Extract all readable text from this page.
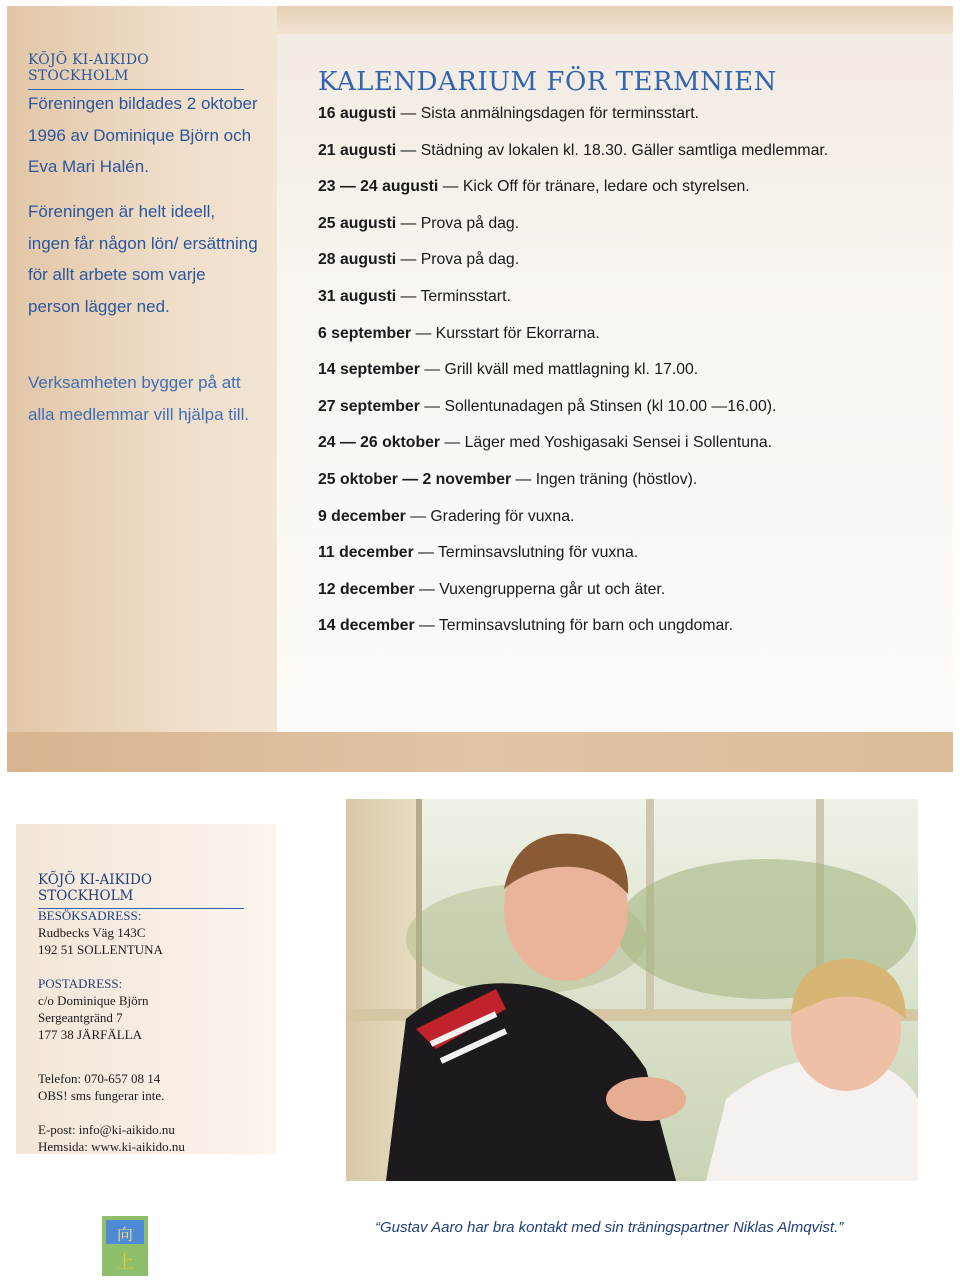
KÕJÕ KI-AIKIDO STOCKHOLM
Föreningen bildades 2 oktober 1996 av Dominique Björn och Eva Mari Halén.
Föreningen är helt ideell, ingen får någon lön/ ersättning för allt arbete som varje person lägger ned.
Verksamheten bygger på att alla medlemmar vill hjälpa till.
KALENDARIUM FÖR TERMNIEN
16 augusti — Sista anmälningsdagen för terminsstart.
21 augusti — Städning av lokalen kl. 18.30. Gäller samtliga medlemmar.
23 — 24 augusti — Kick Off för tränare, ledare och styrelsen.
25 augusti — Prova på dag.
28 augusti — Prova på dag.
31 augusti — Terminsstart.
6 september — Kursstart för Ekorrarna.
14 september — Grill kväll med mattlagning kl. 17.00.
27 september — Sollentunadagen på Stinsen (kl 10.00 —16.00).
24 — 26 oktober — Läger med Yoshigasaki Sensei i Sollentuna.
25 oktober — 2 november — Ingen träning (höstlov).
9 december — Gradering för vuxna.
11 december — Terminsavslutning för vuxna.
12 december — Vuxengrupperna går ut och äter.
14 december — Terminsavslutning för barn och ungdomar.
KÕJÕ KI-AIKIDO STOCKHOLM
BESÖKSADRESS:
Rudbecks Väg 143C
192 51 SOLLENTUNA
POSTADRESS:
c/o Dominique Björn
Sergeantgränd 7
177 38 JÄRFÄLLA
Telefon: 070-657 08 14
OBS! sms fungerar inte.
E-post: info@ki-aikido.nu
Hemsida: www.ki-aikido.nu
向
上
“Gustav Aaro har bra kontakt med sin träningspartner Niklas Almqvist.”
